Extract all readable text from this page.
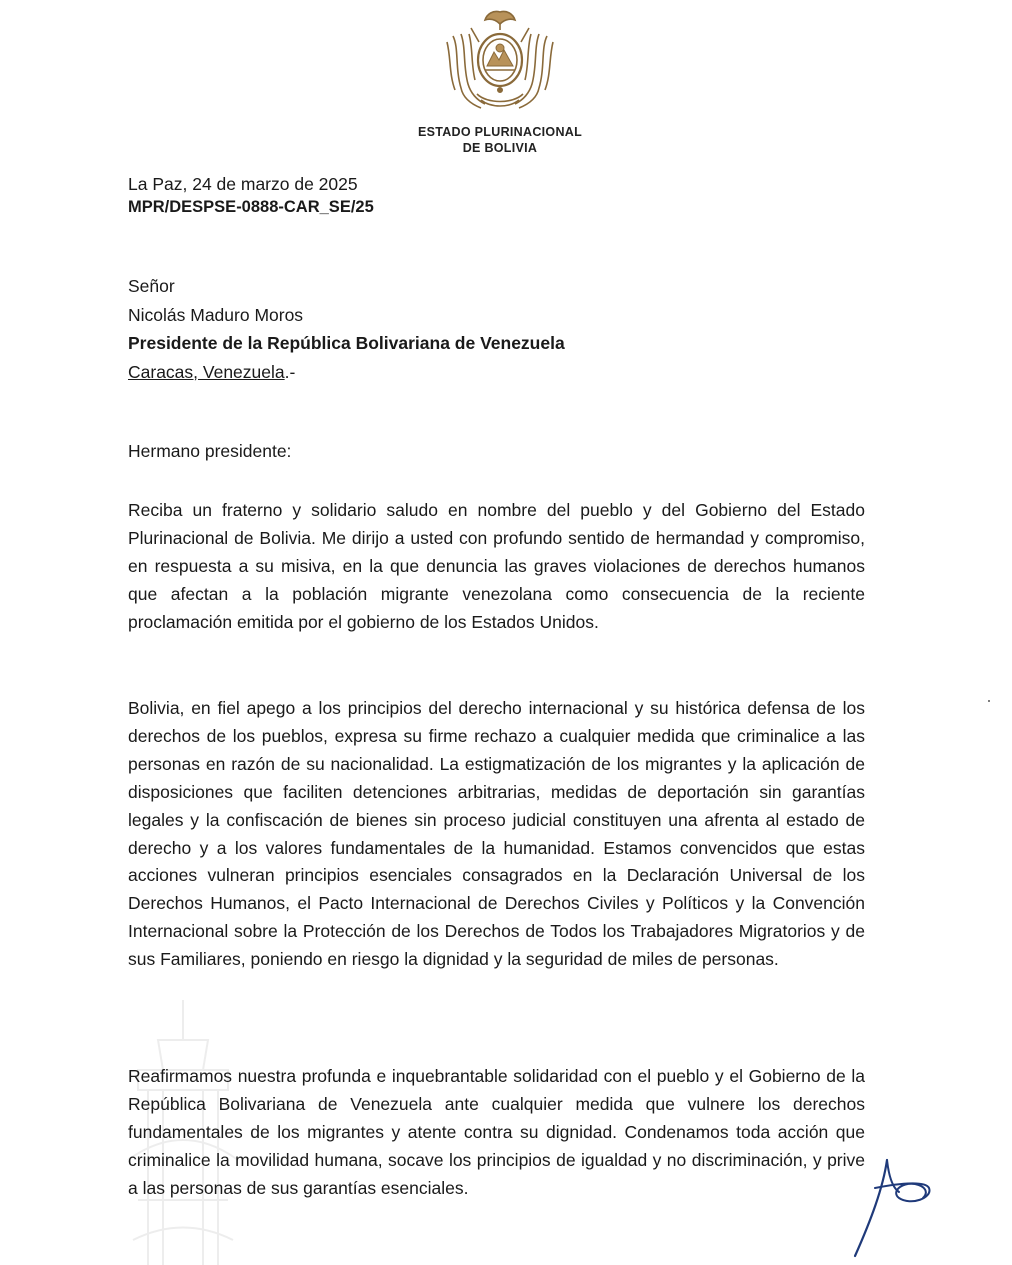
ESTADO PLURINACIONAL
DE BOLIVIA
La Paz, 24 de marzo de 2025
MPR/DESPSE-0888-CAR_SE/25
Señor
Nicolás Maduro Moros
Presidente de la República Bolivariana de Venezuela
Caracas, Venezuela.-
Hermano presidente:

Reciba un fraterno y solidario saludo en nombre del pueblo y del Gobierno del Estado Plurinacional de Bolivia. Me dirijo a usted con profundo sentido de hermandad y compromiso, en respuesta a su misiva, en la que denuncia las graves violaciones de derechos humanos que afectan a la población migrante venezolana como consecuencia de la reciente proclamación emitida por el gobierno de los Estados Unidos.

Bolivia, en fiel apego a los principios del derecho internacional y su histórica defensa de los derechos de los pueblos, expresa su firme rechazo a cualquier medida que criminalice a las personas en razón de su nacionalidad. La estigmatización de los migrantes y la aplicación de disposiciones que faciliten detenciones arbitrarias, medidas de deportación sin garantías legales y la confiscación de bienes sin proceso judicial constituyen una afrenta al estado de derecho y a los valores fundamentales de la humanidad. Estamos convencidos que estas acciones vulneran principios esenciales consagrados en la Declaración Universal de los Derechos Humanos, el Pacto Internacional de Derechos Civiles y Políticos y la Convención Internacional sobre la Protección de los Derechos de Todos los Trabajadores Migratorios y de sus Familiares, poniendo en riesgo la dignidad y la seguridad de miles de personas.

Reafirmamos nuestra profunda e inquebrantable solidaridad con el pueblo y el Gobierno de la República Bolivariana de Venezuela ante cualquier medida que vulnere los derechos fundamentales de los migrantes y atente contra su dignidad. Condenamos toda acción que criminalice la movilidad humana, socave los principios de igualdad y no discriminación, y prive a las personas de sus garantías esenciales.
